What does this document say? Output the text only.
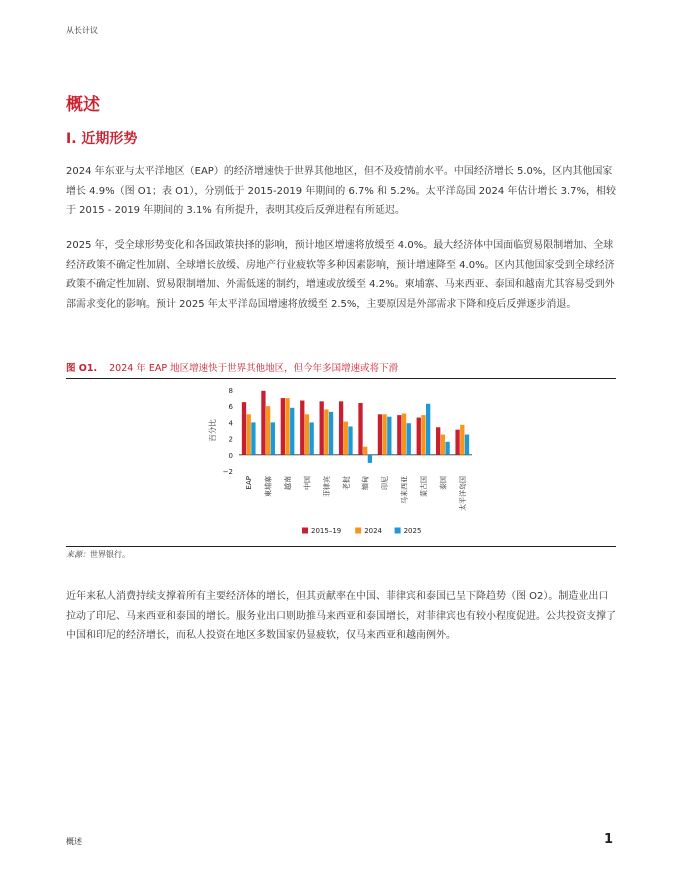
从长计议
概述
I. 近期形势

2024 年东亚与太平洋地区（EAP）的经济增速快于世界其他地区，但不及疫情前水平。中国经济增长 5.0%，区内其他国家增长 4.9%（图 O1；表 O1），分别低于 2015-2019 年期间的 6.7% 和 5.2%。太平洋岛国 2024 年估计增长 3.7%，相较于 2015 - 2019 年期间的 3.1% 有所提升，表明其疫后反弹进程有所延迟。

2025 年，受全球形势变化和各国政策抉择的影响，预计地区增速将放缓至 4.0%。最大经济体中国面临贸易限制增加、全球经济政策不确定性加剧、全球增长放缓、房地产行业疲软等多种因素影响，预计增速降至 4.0%。区内其他国家受到全球经济政策不确定性加剧、贸易限制增加、外需低迷的制约，增速或放缓至 4.2%。柬埔寨、马来西亚、泰国和越南尤其容易受到外部需求变化的影响。预计 2025 年太平洋岛国增速将放缓至 2.5%，主要原因是外部需求下降和疫后反弹逐步消退。

图 O1. 2024 年 EAP 地区增速快于世界其他地区，但今年多国增速或将下滑
−2
0
2
4
6
8
百分比
EAP 柬埔寨 越南 中国 菲律宾 老挝 缅甸 印尼 马来西亚 蒙古国 泰国 太平洋岛国
2015–19	2024	2025
来源：世界银行。

近年来私人消费持续支撑着所有主要经济体的增长，但其贡献率在中国、菲律宾和泰国已呈下降趋势（图 O2）。制造业出口拉动了印尼、马来西亚和泰国的增长。服务业出口则助推马来西亚和泰国增长，对菲律宾也有较小程度促进。公共投资支撑了中国和印尼的经济增长，而私人投资在地区多数国家仍显疲软，仅马来西亚和越南例外。

概述	1
